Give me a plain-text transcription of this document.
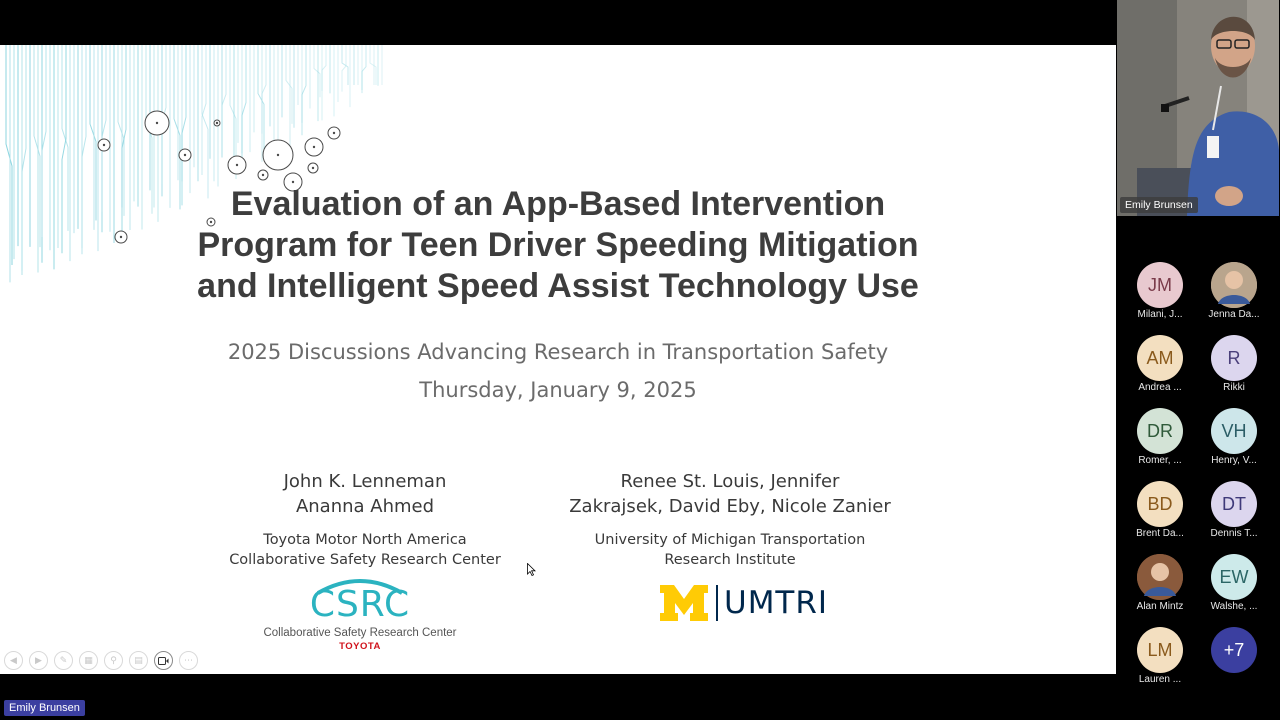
Evaluation of an App-Based Intervention
Program for Teen Driver Speeding Mitigation
and Intelligent Speed Assist Technology Use
2025 Discussions Advancing Research in Transportation Safety
Thursday, January 9, 2025
John K. Lenneman
Ananna Ahmed
Toyota Motor North America
Collaborative Safety Research Center
Renee St. Louis, Jennifer
Zakrajsek, David Eby, Nicole Zanier
University of Michigan Transportation
Research Institute
CSRC
Collaborative Safety Research Center
TOYOTA
UMTRI
◀	▶	✎	▦	⚲	▤	⋯
Emily Brunsen
JM
Milani, J...	Jenna Da...
AM
Andrea ...
R
Rikki
DR
Romer, ...
VH
Henry, V...
BD
Brent Da...
DT
Dennis T...
Alan Mintz
EW
Walshe, ...
LM
Lauren ...
+7
Emily Brunsen
